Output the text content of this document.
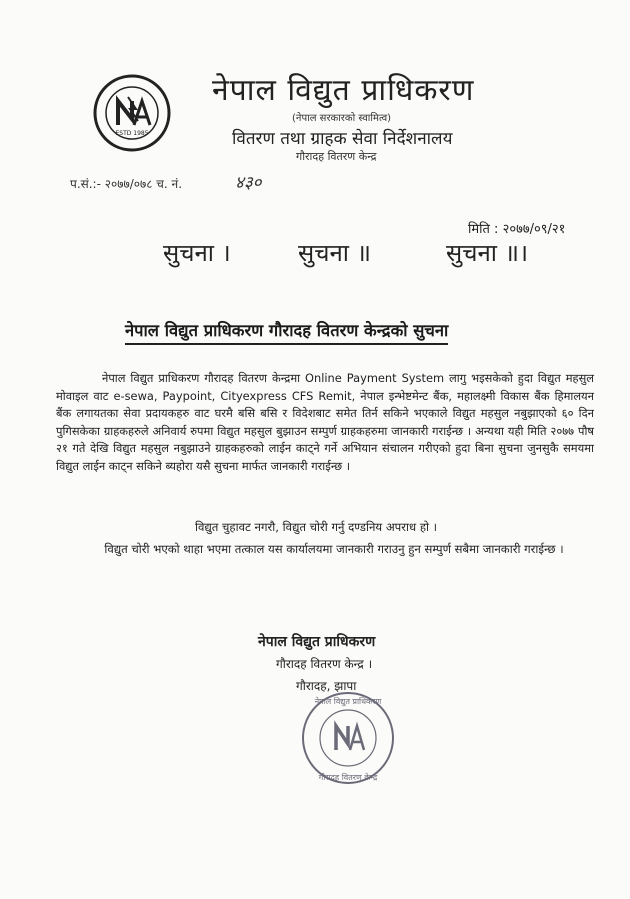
ESTD 1985
नेपाल विद्युत प्राधिकरण
(नेपाल सरकारको स्वामित्व)
वितरण तथा ग्राहक सेवा निर्देशनालय
गौरादह वितरण केन्द्र
प.सं.:- २०७७/०७८ च. नं.	४३०
मिति : २०७७/०९/२१
सुचना ।	सुचना ॥	सुचना ॥।
नेपाल विद्युत प्राधिकरण गौरादह वितरण केन्द्रको सुचना

नेपाल विद्युत प्राधिकरण गौरादह वितरण केन्द्रमा Online Payment System लागु भइसकेको हुदा विद्युत महसुल मोवाइल वाट e-sewa, Paypoint, Cityexpress CFS Remit, नेपाल इन्भेष्टमेन्ट बैंक, महालक्ष्मी विकास बैंक हिमालयन बैंक लगायतका सेवा प्रदायकहरु वाट घरमै बसि बसि र विदेशबाट समेत तिर्न सकिने भएकाले विद्युत महसुल नबुझाएको ६० दिन पुगिसकेका ग्राहकहरुले अनिवार्य रुपमा विद्युत महसुल बुझाउन सम्पुर्ण ग्राहकहरुमा जानकारी गराईन्छ । अन्यथा यही मिति २०७७ पौष २१ गते देखि विद्युत महसुल नबुझाउने ग्राहकहरुको लाईन काट्ने गर्ने अभियान संचालन गरीएको हुदा बिना सुचना जुनसुकै समयमा विद्युत लाईन काट्न सकिने ब्यहोरा यसै सुचना मार्फत जानकारी गराईन्छ ।

विद्युत चुहावट नगरौ, विद्युत चोरी गर्नु दण्डनिय अपराध हो ।

विद्युत चोरी भएको थाहा भएमा तत्काल यस कार्यालयमा जानकारी गराउनु हुन सम्पुर्ण सबैमा जानकारी गराईन्छ ।

नेपाल विद्युत प्राधिकरण
गौरादह वितरण केन्द्र ।
गौरादह, झापा
नेपाल विद्युत प्राधिकरण
गौरादह वितरण केन्द्र
